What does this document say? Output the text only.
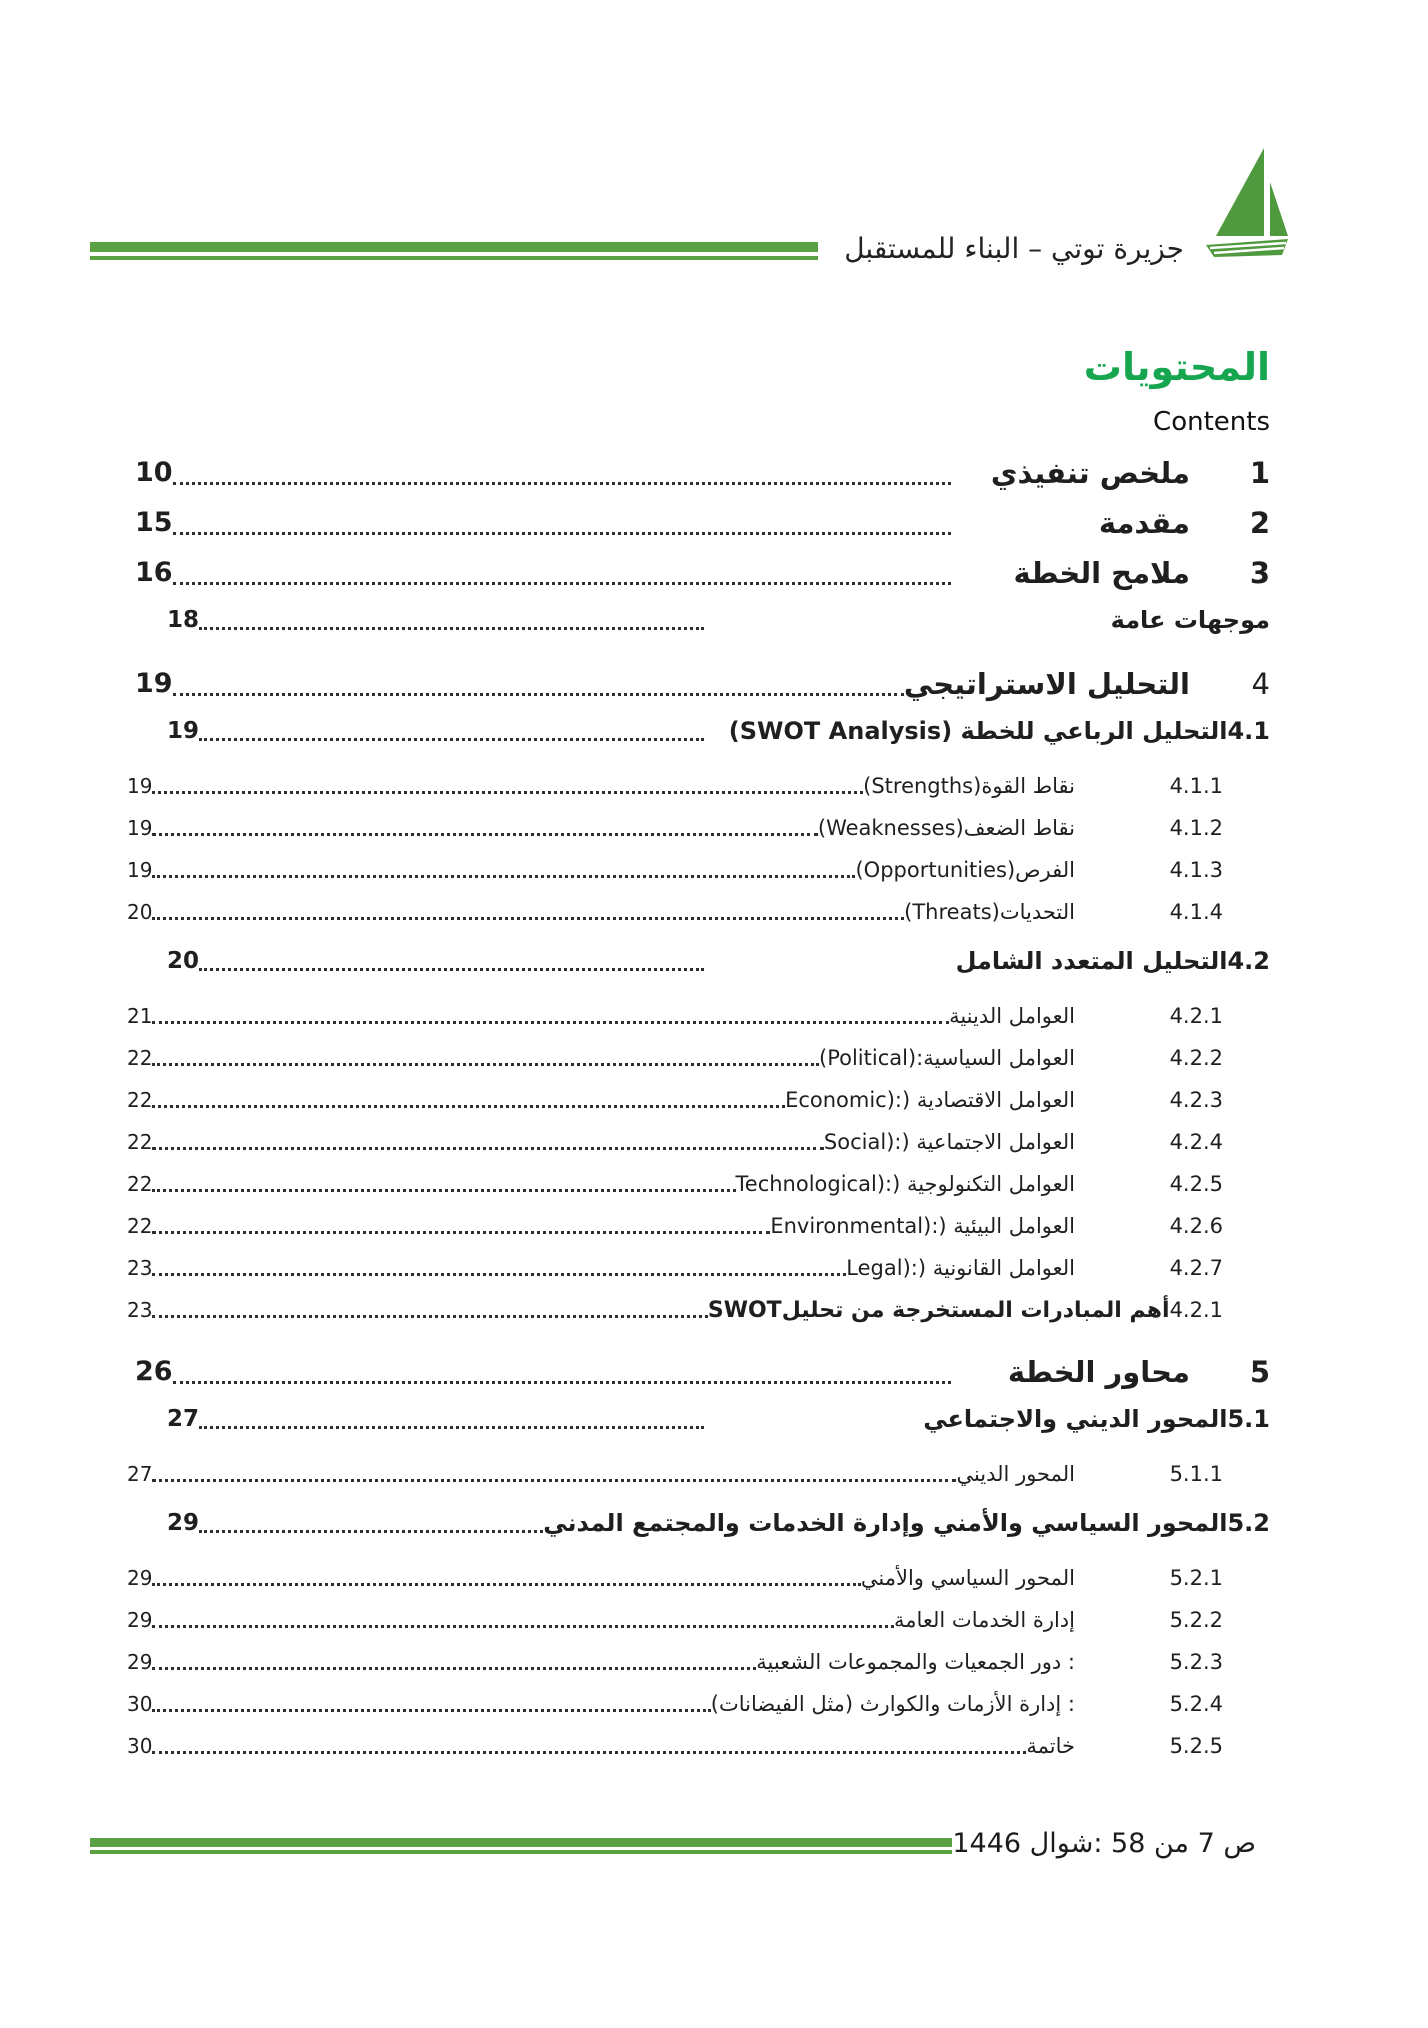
جزيرة توتي – البناء للمستقبل
المحتويات
Contents
1
ملخص تنفيذي
10
2
مقدمة
15
3
ملامح الخطة
16
موجهات عامة
18
4
التحليل الاستراتيجي
19
4.1التحليل الرباعي للخطة (SWOT Analysis)
19
4.1.1
نقاط القوة(Strengths)
19
4.1.2
نقاط الضعف(Weaknesses)
19
4.1.3
الفرص(Opportunities)
19
4.1.4
التحديات(Threats)
20
4.2التحليل المتعدد الشامل
20
4.2.1
العوامل الدينية
21
4.2.2
العوامل السياسية:(Political)
22
4.2.3
العوامل الاقتصادية (:(Economic
22
4.2.4
العوامل الاجتماعية (:(Social
22
4.2.5
العوامل التكنولوجية (:(Technological
22
4.2.6
العوامل البيئية (:(Environmental
22
4.2.7
العوامل القانونية (:(Legal
23
4.2.1
أهم المبادرات المستخرجة من تحليلSWOT
23
5
محاور الخطة
26
5.1المحور الديني والاجتماعي
27
5.1.1
المحور الديني
27
5.2المحور السياسي والأمني وإدارة الخدمات والمجتمع المدني
29
5.2.1
المحور السياسي والأمني
29
5.2.2
إدارة الخدمات العامة
29
5.2.3
: دور الجمعيات والمجموعات الشعبية
29
5.2.4
: إدارة الأزمات والكوارث (مثل الفيضانات)
30
5.2.5
خاتمة
30
ص 7 من 58 :شوال 1446
